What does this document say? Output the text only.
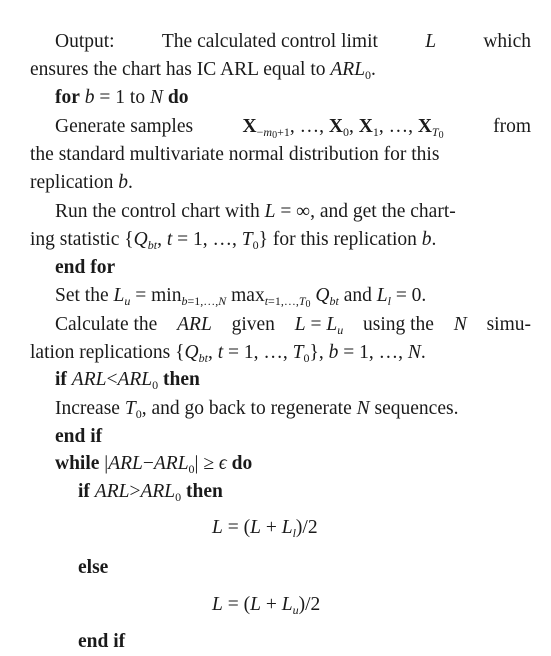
Output: The calculated control limit L which
ensures the chart has IC ARL equal to $ARL_0$.
for b = 1 to N do
Generate samples	$X_{-m_0+1}$, …, $X_0$, $X_1$, …, $X_{T_0}$	from
the standard multivariate normal distribution for this
replication b.
Run the control chart with L = ∞, and get the chart-
ing statistic {$Q_{bt}$, t = 1, …, $T_0$} for this replication b.
end for
Set the $L_u = \min_{b=1,\dots,N} \max_{t=1,\dots,T_0} Q_{bt}$ and $L_l = 0$.
Calculate the ARL given $L = L_u$ using the N simu-
lation replications {$Q_{bt}$, t = 1, …, $T_0$}, b = 1, …, N.
if $ARL<ARL_0$ then
Increase $T_0$, and go back to regenerate N sequences.
end if
while $|ARL-ARL_0| \ge \epsilon$ do
if $ARL>ARL_0$ then
$L = (L + L_l)/2$
else
$L = (L + L_u)/2$
end if
